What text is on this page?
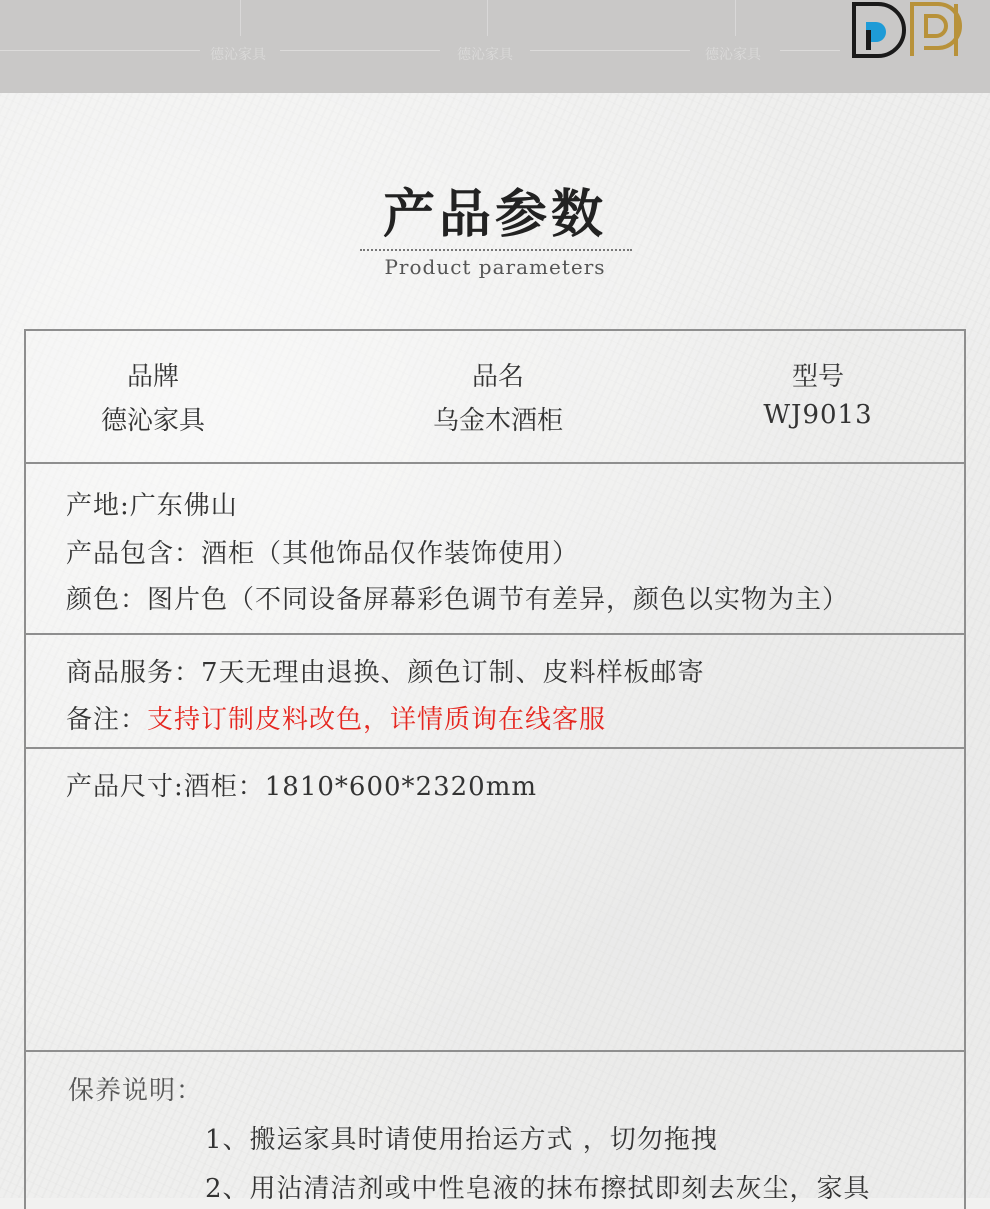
德沁家具	德沁家具	德沁家具
产品参数
Product parameters
品牌
德沁家具
品名
乌金木酒柜
型号
WJ9013
产地:广东佛山
产品包含：酒柜（其他饰品仅作装饰使用）
颜色：图片色（不同设备屏幕彩色调节有差异，颜色以实物为主）
商品服务：7天无理由退换、颜色订制、皮料样板邮寄
备注：支持订制皮料改色，详情质询在线客服
产品尺寸:酒柜：1810*600*2320mm
保养说明：
1、搬运家具时请使用抬运方式 ，切勿拖拽
2、用沾清洁剂或中性皂液的抹布擦拭即刻去灰尘，家具
